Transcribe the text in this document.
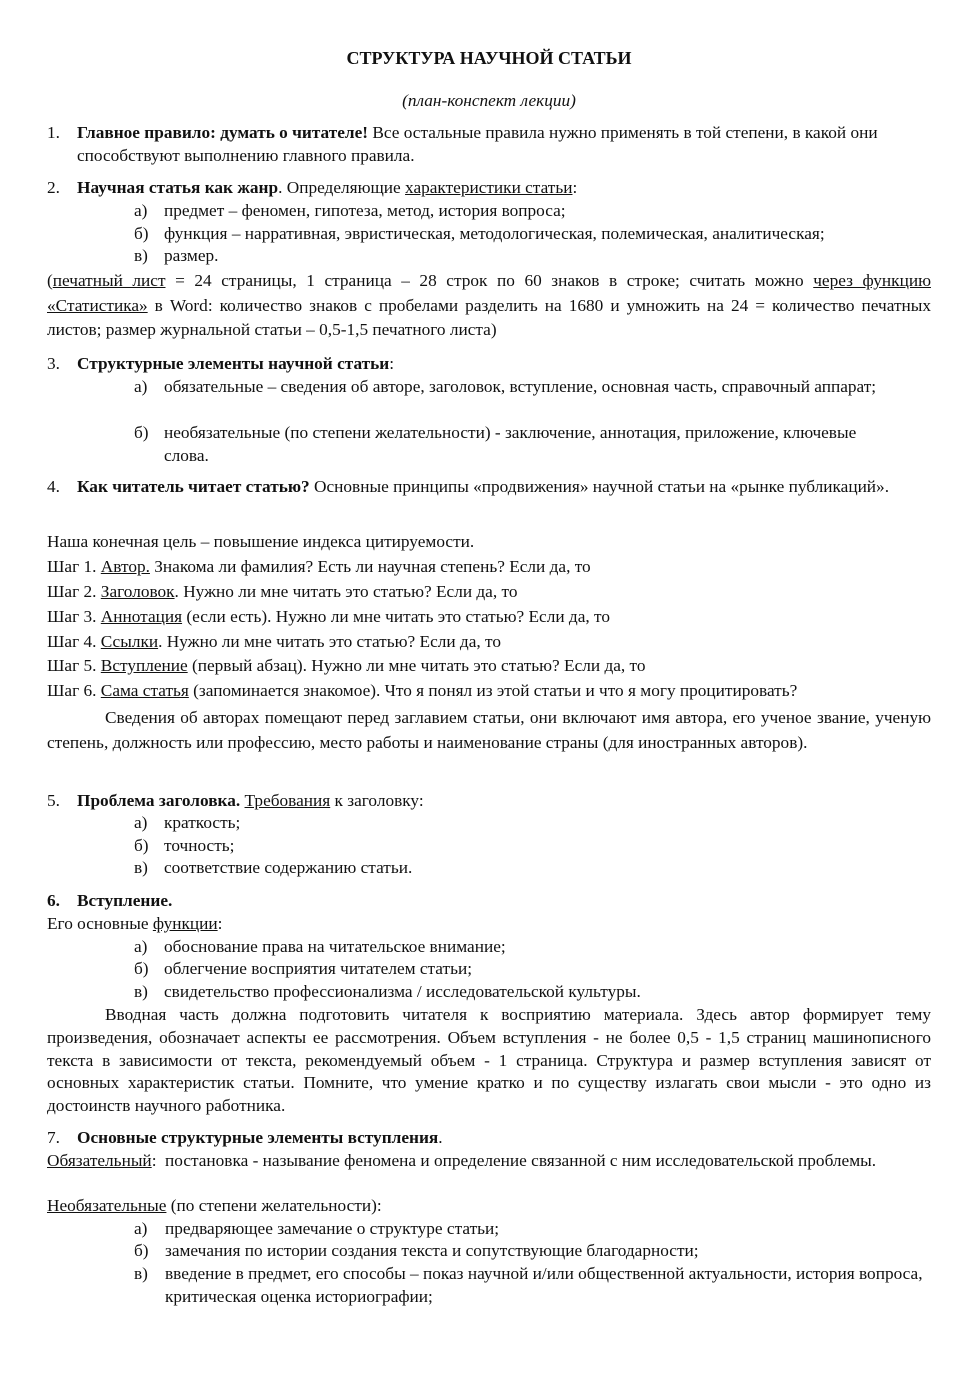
СТРУКТУРА НАУЧНОЙ СТАТЬИ
(план-конспект лекции)
1. Главное правило: думать о читателе! Все остальные правила нужно применять в той степени, в какой они способствуют выполнению главного правила.
2. Научная статья как жанр. Определяющие характеристики статьи:
а) предмет – феномен, гипотеза, метод, история вопроса;
б) функция – нарративная, эвристическая, методологическая, полемическая, аналитическая;
в) размер.
(печатный лист = 24 страницы, 1 страница – 28 строк по 60 знаков в строке; считать можно через функцию «Статистика» в Word: количество знаков с пробелами разделить на 1680 и умножить на 24 = количество печатных листов; размер журнальной статьи – 0,5-1,5 печатного листа)
3. Структурные элементы научной статьи:
а) обязательные – сведения об авторе, заголовок, вступление, основная часть, справочный аппарат;
б) необязательные (по степени желательности) - заключение, аннотация, приложение, ключевые слова.
4. Как читатель читает статью? Основные принципы «продвижения» научной статьи на «рынке публикаций».
Наша конечная цель – повышение индекса цитируемости.
Шаг 1. Автор. Знакома ли фамилия? Есть ли научная степень? Если да, то
Шаг 2. Заголовок. Нужно ли мне читать это статью? Если да, то
Шаг 3. Аннотация (если есть). Нужно ли мне читать это статью? Если да, то
Шаг 4. Ссылки. Нужно ли мне читать это статью? Если да, то
Шаг 5. Вступление (первый абзац). Нужно ли мне читать это статью? Если да, то
Шаг 6. Сама статья (запоминается знакомое). Что я понял из этой статьи и что я могу процитировать?
Сведения об авторах помещают перед заглавием статьи, они включают имя автора, его ученое звание, ученую степень, должность или профессию, место работы и наименование страны (для иностранных авторов).
5. Проблема заголовка. Требования к заголовку:
а) краткость;
б) точность;
в) соответствие содержанию статьи.
6. Вступление.
Его основные функции:
а) обоснование права на читательское внимание;
б) облегчение восприятия читателем статьи;
в) свидетельство профессионализма / исследовательской культуры.
Вводная часть должна подготовить читателя к восприятию материала. Здесь автор формирует тему произведения, обозначает аспекты ее рассмотрения. Объем вступления - не более 0,5 - 1,5 страниц машинописного текста в зависимости от текста, рекомендуемый объем - 1 страница. Структура и размер вступления зависят от основных характеристик статьи. Помните, что умение кратко и по существу излагать свои мысли - это одно из достоинств научного работника.
7. Основные структурные элементы вступления.
Обязательный: постановка - называние феномена и определение связанной с ним исследовательской проблемы.
Необязательные (по степени желательности):
а) предваряющее замечание о структуре статьи;
б) замечания по истории создания текста и сопутствующие благодарности;
в) введение в предмет, его способы – показ научной и/или общественной актуальности, история вопроса, критическая оценка историографии;
